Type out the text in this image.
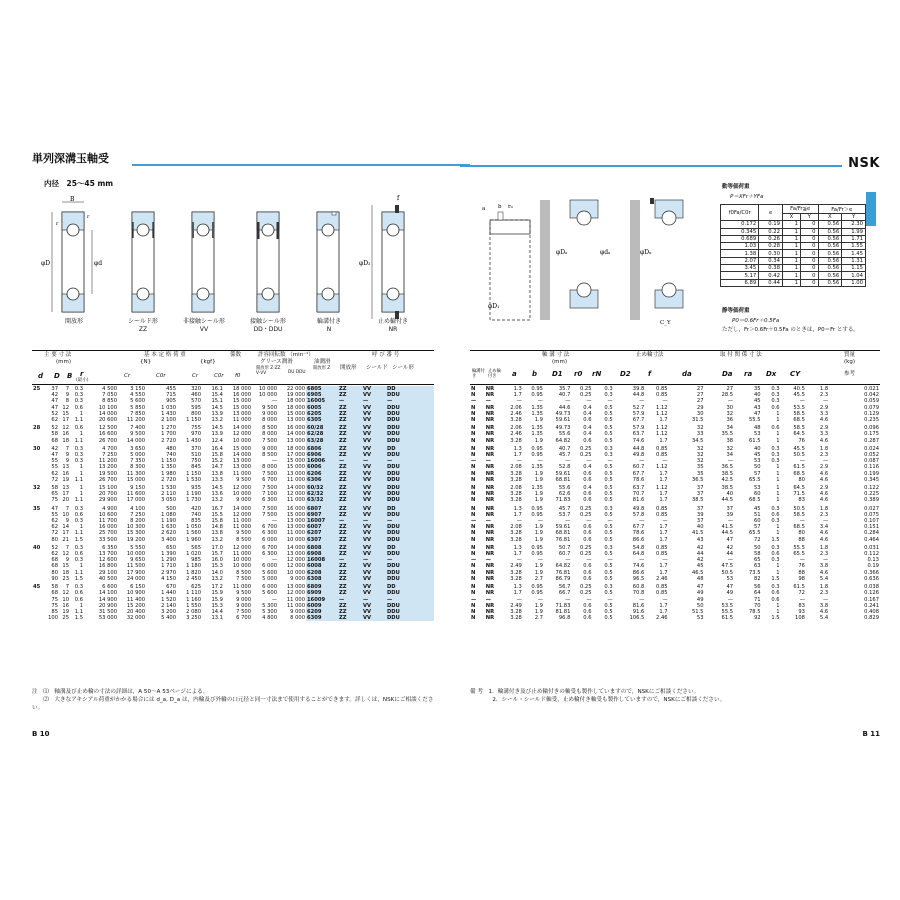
単列深溝玉軸受
内径　25～45 mm
B
φD	φd
r
r
φD₂
f
開放形	シールド形
ZZ
非接触シール形
VV
接触シール形
DD・DDU
輪溝付き
N
止め輪付き
NR
主 要 寸 法
(mm)
基 本 定 格 荷 重
{N}	{kgf}
係数	許容回転数 （min⁻¹）
グリース潤滑	油潤滑
呼 び 番 号
開放形 シールド シール形
d D B r
(最小)
Cr	C0r	Cr	C0r f0
開放形 Z·ZZ V·VV	DU DDU
開放形 Z
25	37	7	0.3	4 500	3 150	455	320	16.1	18 000	10 000	22 000	6805	ZZ	VV	DD
	42	9	0.3	7 050	4 550	715	460	15.4	16 000	10 000	19 000	6905	ZZ	VV	DDU
	47	8	0.3	8 850	5 600	905	570	15.1	15 000	—	18 000	16005	—	—	—
	47	12	0.6	10 100	5 850	1 030	595	14.5	15 000	9 500	18 000	6005	ZZ	VV	DDU
	52	15	1	14 000	7 850	1 430	800	13.9	13 000	9 000	15 000	6205	ZZ	VV	DDU
	62	17	1.1	20 600	11 200	2 100	1 150	13.2	11 000	8 000	13 000	6305	ZZ	VV	DDU
28	52	12	0.6	12 500	7 400	1 270	755	14.5	14 000	8 500	16 000	60/28	ZZ	VV	DDU
	58	16	1	16 600	9 500	1 700	970	13.9	12 000	8 000	14 000	62/28	ZZ	VV	DDU
	68	18	1.1	26 700	14 000	2 720	1 430	12.4	10 000	7 500	13 000	63/28	ZZ	VV	DDU
30	42	7	0.3	4 700	3 650	480	370	16.4	15 000	9 000	18 000	6806	ZZ	VV	DD
	47	9	0.3	7 250	5 000	740	510	15.8	14 000	8 500	17 000	6906	ZZ	VV	DDU
	55	9	0.3	11 200	7 350	1 150	750	15.2	13 000	—	15 000	16006	—	—	—
	55	13	1	13 200	8 300	1 350	845	14.7	13 000	8 000	15 000	6006	ZZ	VV	DDU
	62	16	1	19 500	11 300	1 980	1 150	13.8	11 000	7 500	13 000	6206	ZZ	VV	DDU
	72	19	1.1	26 700	15 000	2 720	1 530	13.3	9 500	6 700	11 000	6306	ZZ	VV	DDU
32	58	13	1	15 100	9 150	1 530	935	14.5	12 000	7 500	14 000	60/32	ZZ	VV	DDU
	65	17	1	20 700	11 600	2 110	1 190	13.6	10 000	7 100	12 000	62/32	ZZ	VV	DDU
	75	20	1.1	29 900	17 000	3 050	1 730	13.2	9 000	6 300	11 000	63/32	ZZ	VV	DDU
35	47	7	0.3	4 900	4 100	500	420	16.7	14 000	7 500	16 000	6807	ZZ	VV	DD
	55	10	0.6	10 600	7 250	1 080	740	15.5	12 000	7 500	15 000	6907	ZZ	VV	DDU
	62	9	0.3	11 700	8 200	1 190	835	15.8	11 000	—	13 000	16007	—	—	—
	62	14	1	16 000	10 300	1 630	1 050	14.8	11 000	6 700	13 000	6007	ZZ	VV	DDU
	72	17	1.1	25 700	15 300	2 620	1 560	13.8	9 500	6 300	11 000	6207	ZZ	VV	DDU
	80	21	1.5	33 500	19 200	3 400	1 960	13.2	8 500	6 000	10 000	6307	ZZ	VV	DDU
40	52	7	0.3	6 350	5 550	650	565	17.0	12 000	6 700	14 000	6808	ZZ	VV	DD
	62	12	0.6	13 700	10 000	1 390	1 020	15.7	11 000	6 300	13 000	6908	ZZ	VV	DDU
	68	9	0.3	12 600	9 650	1 290	985	16.0	10 000	—	12 000	16008	—	—	—
	68	15	1	16 800	11 500	1 710	1 180	15.3	10 000	6 000	12 000	6008	ZZ	VV	DDU
	80	18	1.1	29 100	17 900	2 970	1 820	14.0	8 500	5 600	10 000	6208	ZZ	VV	DDU
	90	23	1.5	40 500	24 000	4 150	2 450	13.2	7 500	5 000	9 000	6308	ZZ	VV	DDU
45	58	7	0.3	6 600	6 150	670	625	17.2	11 000	6 000	13 000	6809	ZZ	VV	DD
	68	12	0.6	14 100	10 900	1 440	1 110	15.9	9 500	5 600	12 000	6909	ZZ	VV	DDU
	75	10	0.6	14 900	11 400	1 520	1 160	15.9	9 000	—	11 000	16009	—	—	—
	75	16	1	20 900	15 200	2 140	1 550	15.3	9 000	5 300	11 000	6009	ZZ	VV	DDU
	85	19	1.1	31 500	20 400	3 200	2 080	14.4	7 500	5 300	9 000	6209	ZZ	VV	DDU
	100	25	1.5	53 000	32 000	5 400	3 250	13.1	6 700	4 800	8 000	6309	ZZ	VV	DDU
注　⑴　軸溝及び止め輪の寸法の詳細は，A 50～A 53ページによる。
　　⑵　大きなアキシアル荷重がかかる場合には d_a, D_a は，内輪及び外輪の口元径と同一寸法まで使用することができます。詳しくは，NSKにご相談ください。
B 10
NSK
a b r₀
φD₁
φDₐ	φdₐ	φDₓ
C_Y
動等価荷重
P＝XFr＋YFa
f0Fa/C0r	e	Fa/Fr≦e		Fa/Fr＞e	
		X	Y	X	Y
0.172	0.19	1	0	0.56	2.30
0.345	0.22	1	0	0.56	1.99
0.689	0.26	1	0	0.56	1.71
1.03	0.28	1	0	0.56	1.55
1.38	0.30	1	0	0.56	1.45
2.07	0.34	1	0	0.56	1.31
3.45	0.38	1	0	0.56	1.15
5.17	0.42	1	0	0.56	1.04
6.89	0.44	1	0	0.56	1.00
静等価荷重
P0＝0.6Fr＋0.5Fa
ただし，Fr＞0.6Fr＋0.5Fa のときは，P0＝Fr とする。
軸 溝 寸 法
(mm)
止め輪寸法	取 付 関 係 寸 法	質量
(kg)
輪溝付き
止め輪付き	a b D1 r0 rN	D2 f	da	Da ra Dx CY	参考
N	NR	1.3	0.95	35.7	0.25	0.3	39.8	0.85	27	27	35	0.3	40.5	1.8	0.021
N	NR	1.7	0.95	40.7	0.25	0.3	44.8	0.85	27	28.5	40	0.3	45.5	2.3	0.042
—	—	—	—	—	—	—	—	—	27	—	45	0.3	—	—	0.059
N	NR	2.06	1.35	44.6	0.4	0.5	52.7	1.12	29	30	43	0.6	53.5	2.9	0.079
N	NR	2.46	1.35	49.73	0.4	0.5	57.9	1.12	30	32	47	1	58.5	3.3	0.129
N	NR	3.28	1.9	59.61	0.6	0.5	67.7	1.7	31.5	36	55.5	1	68.5	4.6	0.235
N	NR	2.06	1.35	49.73	0.4	0.5	57.9	1.12	32	34	48	0.6	58.5	2.9	0.096
N	NR	2.46	1.35	55.6	0.4	0.5	63.7	1.12	33	35.5	53	1	64.5	3.3	0.175
N	NR	3.28	1.9	64.82	0.6	0.5	74.6	1.7	34.5	38	61.5	1	76	4.6	0.287
N	NR	1.3	0.95	40.7	0.25	0.3	44.8	0.85	32	32	40	0.3	45.5	1.8	0.024
N	NR	1.7	0.95	45.7	0.25	0.3	49.8	0.85	32	34	45	0.3	50.5	2.3	0.052
—	—	—	—	—	—	—	—	—	32	—	53	0.3	—	—	0.087
N	NR	2.08	1.35	52.8	0.4	0.5	60.7	1.12	35	36.5	50	1	61.5	2.9	0.116
N	NR	3.28	1.9	59.61	0.6	0.5	67.7	1.7	35	38.5	57	1	68.5	4.6	0.199
N	NR	3.28	1.9	68.81	0.6	0.5	78.6	1.7	36.5	42.5	65.5	1	80	4.6	0.345
N	NR	2.08	1.35	55.6	0.4	0.5	63.7	1.12	37	38.5	53	1	64.5	2.9	0.122
N	NR	3.28	1.9	62.6	0.6	0.5	70.7	1.7	37	40	60	1	71.5	4.6	0.225
N	NR	3.28	1.9	71.83	0.6	0.5	81.6	1.7	38.5	44.5	68.5	1	83	4.6	0.389
N	NR	1.3	0.95	45.7	0.25	0.3	49.8	0.85	37	37	45	0.3	50.5	1.8	0.027
N	NR	1.7	0.95	53.7	0.25	0.5	57.8	0.85	39	39	51	0.6	58.5	2.3	0.075
—	—	—	—	—	—	—	—	—	37	—	60	0.3	—	—	0.107
N	NR	2.08	1.9	59.61	0.6	0.5	67.7	1.7	40	41.5	57	1	68.5	3.4	0.151
N	NR	3.28	1.9	68.81	0.6	0.5	78.6	1.7	41.5	44.5	65.5	1	80	4.6	0.284
N	NR	3.28	1.9	76.81	0.6	0.5	86.6	1.7	43	47	72	1.5	88	4.6	0.464
N	NR	1.3	0.95	50.7	0.25	0.3	54.8	0.85	42	42	50	0.3	55.5	1.8	0.031
N	NR	1.7	0.95	60.7	0.25	0.5	64.8	0.85	44	44	58	0.6	65.5	2.3	0.112
—	—	—	—	—	—	—	—	—	42	—	65	0.3	—	—	0.13
N	NR	2.49	1.9	64.82	0.6	0.5	74.6	1.7	45	47.5	63	1	76	3.8	0.19
N	NR	3.28	1.9	76.81	0.6	0.5	86.6	1.7	46.5	50.5	73.5	1	88	4.6	0.366
N	NR	3.28	2.7	86.79	0.6	0.5	96.5	2.46	48	53	82	1.5	98	5.4	0.636
N	NR	1.3	0.95	56.7	0.25	0.3	60.8	0.85	47	47	56	0.3	61.5	1.8	0.038
N	NR	1.7	0.95	66.7	0.25	0.5	70.8	0.85	49	49	64	0.6	72	2.3	0.126
—	—	—	—	—	—	—	—	—	49	—	71	0.6	—	—	0.167
N	NR	2.49	1.9	71.83	0.6	0.5	81.6	1.7	50	53.5	70	1	83	3.8	0.241
N	NR	3.28	1.9	81.81	0.6	0.5	91.6	1.7	51.5	55.5	78.5	1	93	4.6	0.408
N	NR	3.28	2.7	96.8	0.6	0.5	106.5	2.46	53	61.5	92	1.5	108	5.4	0.829
備 考　1．輪溝付き及び止め輪付きの軸受も製作していますので，NSKにご相談ください。
　　　　2．シール・シールド軸受，止め輪付き軸受も製作していますので，NSKにご相談ください。
B 11
